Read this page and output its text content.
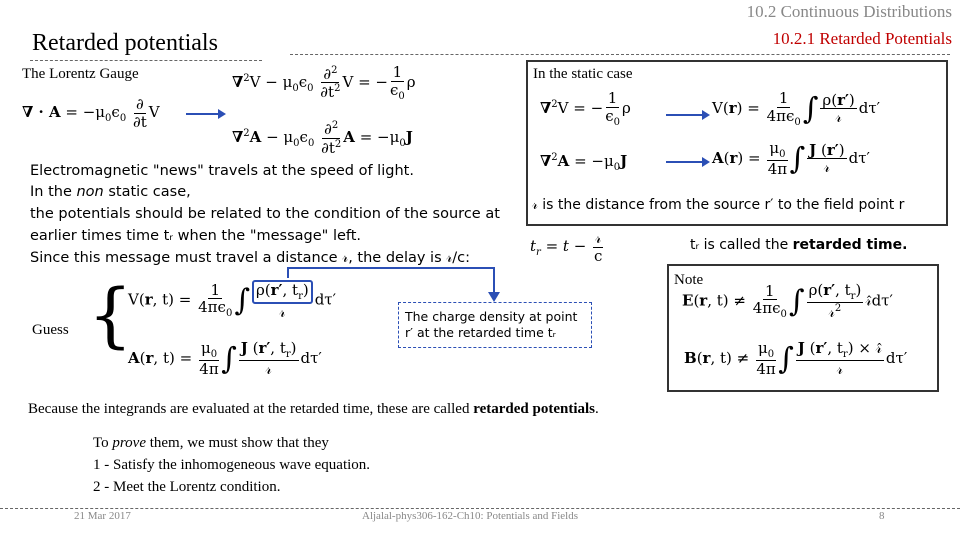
10.2 Continuous Distributions
10.2.1 Retarded Potentials
Retarded potentials
The Lorentz Gauge
∇ · $A = -\mu_0\epsilon_0 \frac{\partial}{\partial t}$ V
$\nabla^2V - \mu_0\epsilon_0 \frac{\partial^2}{\partial t^2}$ V = − $\frac{1}{\epsilon_0}$ ρ
$\nabla^2A - \mu_0\epsilon_0 \frac{\partial^2}{\partial t^2}$ $A = -\mu_0J$
In the static case
∇$^2$V = − $\frac{1}{\epsilon_0}$ ρ	$V(r) = \frac{1}{4\pi\epsilon_0}$ ∫ $\frac{\rho(r')}{\text{𝓇}} d\tau'$
$\nabla^2A = -\mu_0J$	$A(r) = \frac{\mu_0}{4\pi}$ ∫ $\frac{J (r')}{\text{𝓇}} d\tau'$
𝓇 is the distance from the source r′ to the field point r
Electromagnetic "news" travels at the speed of light.
In the non static case,
the potentials should be related to the condition of the source at
earlier times time tᵣ when the "message" left.
Since this message must travel a distance 𝓇, the delay is 𝓇/c:
$t_r = t - \frac{\text{𝓇}}{c}$	tᵣ is called the retarded time.
Guess {
V(r, $t) = \frac{1}{4\pi\epsilon_0}$ ∫ $\frac{\rho(r', t_r)}{\text{𝓇}} d\tau'$
A(r, $t) = \frac{\mu_0}{4\pi}$ ∫ $\frac{J (r', t_r)}{\text{𝓇}} d\tau'$
The charge density at point
r′ at the retarded time tᵣ
Note
E(r, $t) \ne \frac{1}{4\pi\epsilon_0}$ ∫ $\frac{\rho(r', t_r)}{𝓇^2}$ 𝓇̂dτ′
B(r, $t) \ne \frac{\mu_0}{4\pi}$ ∫ $\frac{J (r', t_r) \times 𝓇̂}{\text{𝓇}} d\tau'$
Because the integrands are evaluated at the retarded time, these are called retarded potentials.
To prove them, we must show that they
1 - Satisfy the inhomogeneous wave equation.
2 - Meet the Lorentz condition.
21 Mar 2017	Aljalal-phys306-162-Ch10: Potentials and Fields	8
